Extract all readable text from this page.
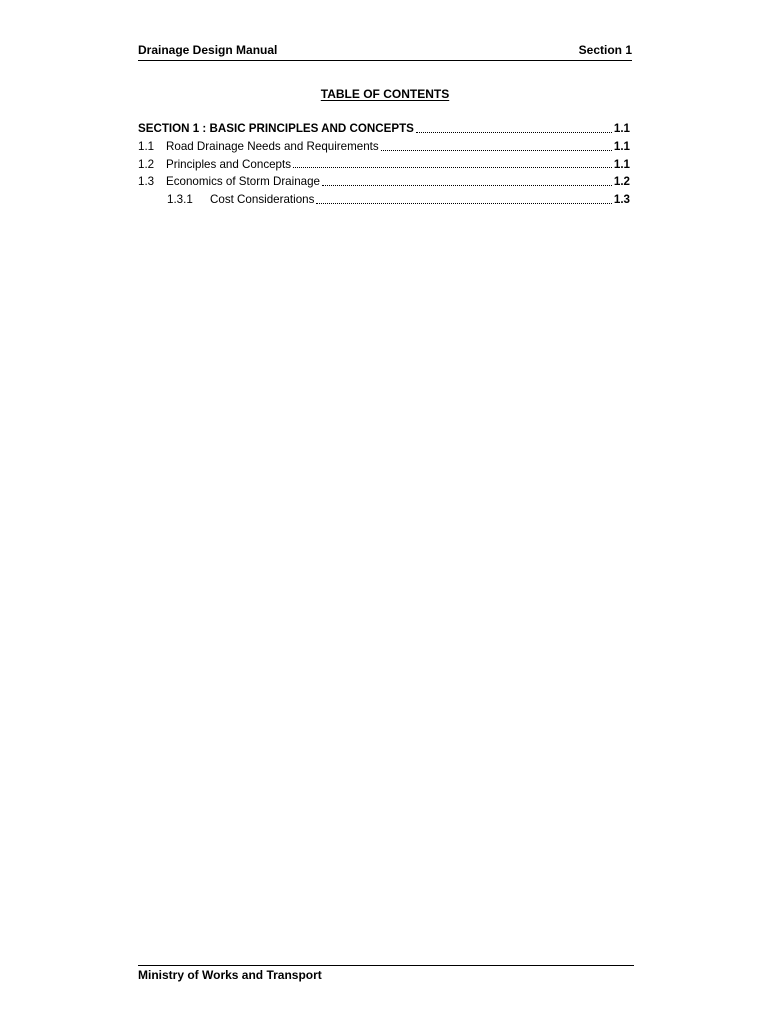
Drainage Design Manual	Section 1
TABLE OF CONTENTS
SECTION 1 : BASIC PRINCIPLES AND CONCEPTS	1.1
1.1	Road Drainage Needs and Requirements	1.1
1.2	Principles and Concepts	1.1
1.3	Economics of Storm Drainage	1.2
1.3.1	Cost Considerations	1.3
Ministry of Works and Transport
